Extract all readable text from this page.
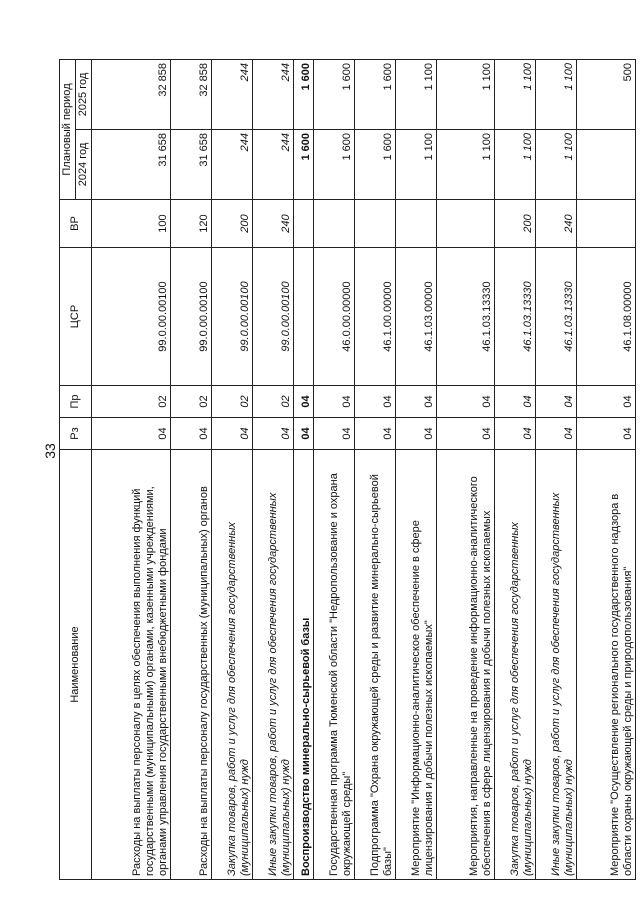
33
Наименование	Рз	Пр	ЦСР	ВР	Плановый период	
					2024 год	2025 год
Расходы на выплаты персоналу в целях обеспечения выполнения функций государственными (муниципальными) органами, казенными учреждениями, органами управления государственными внебюджетными фондами	04	02	99.0.00.00100	100	31 658	32 858
Расходы на выплаты персоналу государственных (муниципальных) органов	04	02	99.0.00.00100	120	31 658	32 858
Закупка товаров, работ и услуг для обеспечения государственных (муниципальных) нужд	04	02	99.0.00.00100	200	244	244
Иные закупки товаров, работ и услуг для обеспечения государственных (муниципальных) нужд	04	02	99.0.00.00100	240	244	244
Воспроизводство минерально-сырьевой базы	04	04			1 600	1 600
Государственная программа Тюменской области "Недропользование и охрана окружающей среды"	04	04	46.0.00.00000		1 600	1 600
Подпрограмма "Охрана окружающей среды и развитие минерально-сырьевой базы"	04	04	46.1.00.00000		1 600	1 600
Мероприятие "Информационно-аналитическое обеспечение в сфере лицензирования и добычи полезных ископаемых"	04	04	46.1.03.00000		1 100	1 100
Мероприятия, направленные на проведение информационно-аналитического обеспечения в сфере лицензирования и добычи полезных ископаемых	04	04	46.1.03.13330		1 100	1 100
Закупка товаров, работ и услуг для обеспечения государственных (муниципальных) нужд	04	04	46.1.03.13330	200	1 100	1 100
Иные закупки товаров, работ и услуг для обеспечения государственных (муниципальных) нужд	04	04	46.1.03.13330	240	1 100	1 100
Мероприятие "Осуществление регионального государственного надзора в области охраны окружающей среды и природопользования"	04	04	46.1.08.00000			500
